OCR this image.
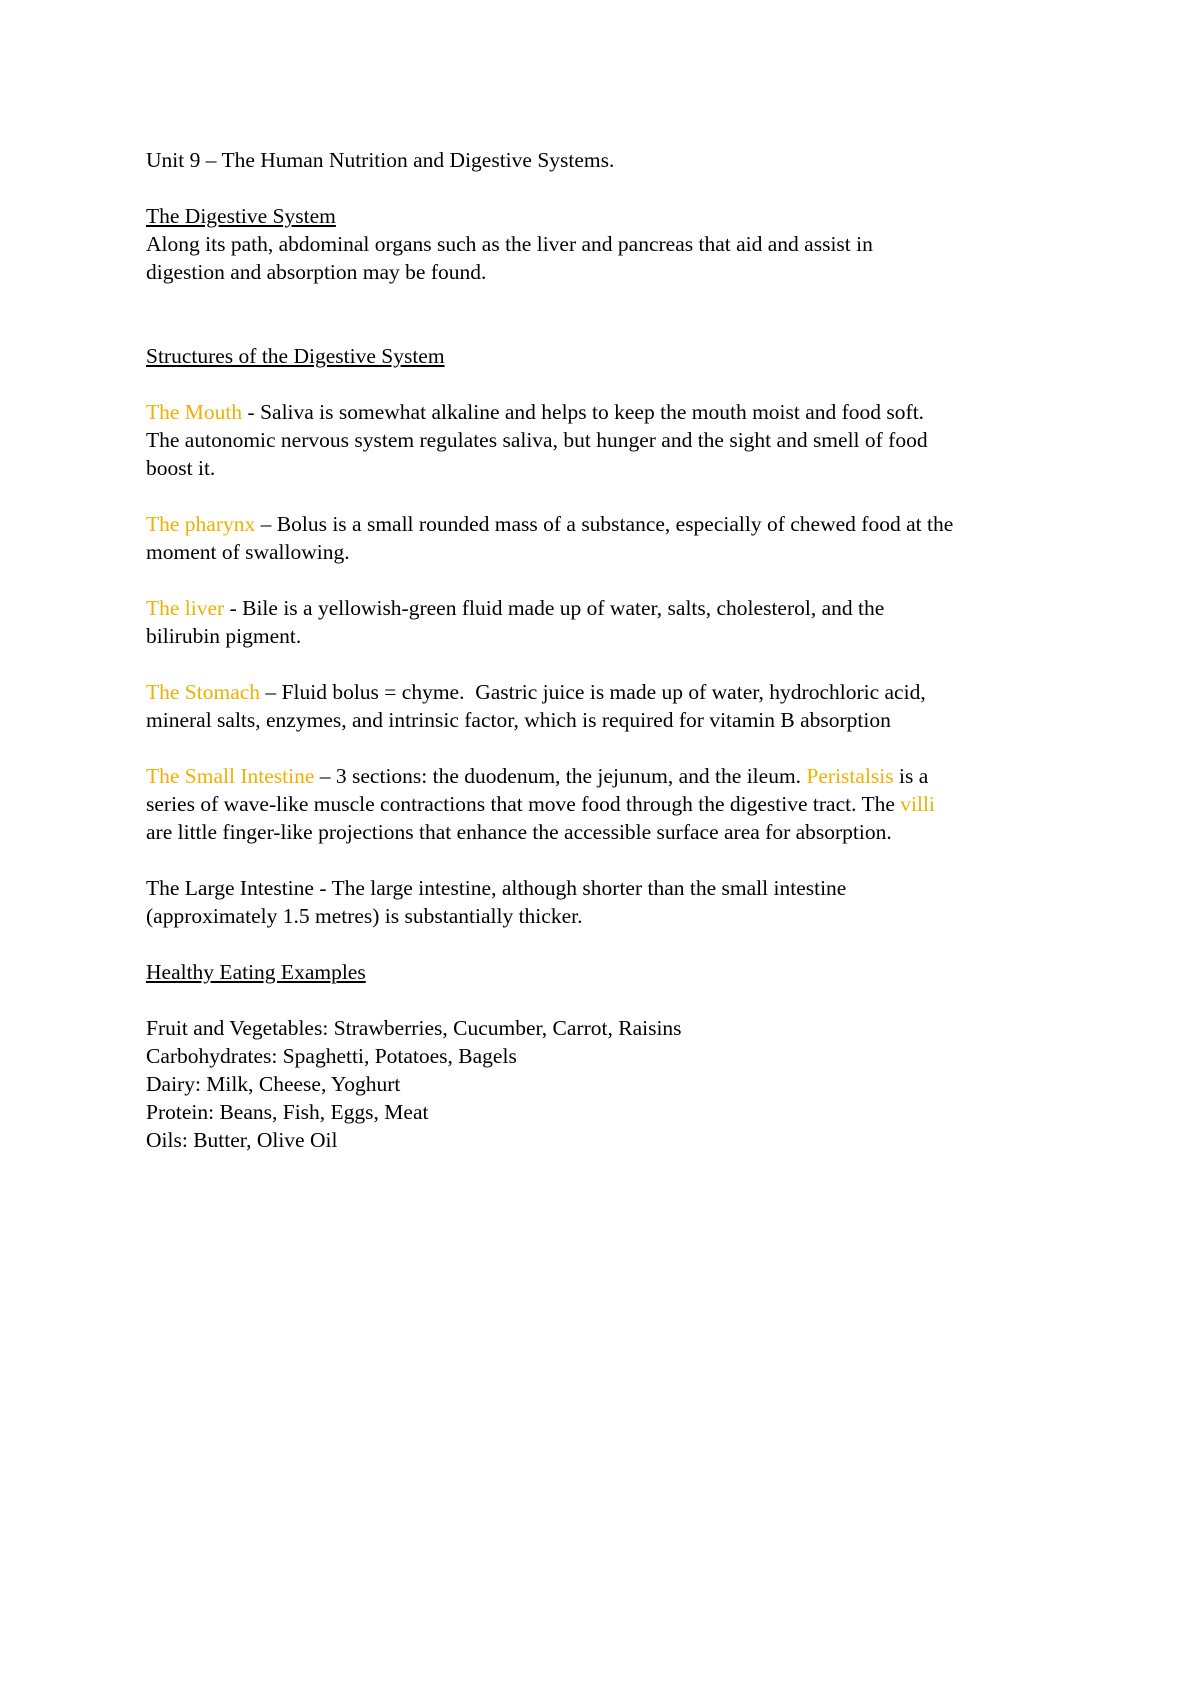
Unit 9 – The Human Nutrition and Digestive Systems.
The Digestive System
Along its path, abdominal organs such as the liver and pancreas that aid and assist in
digestion and absorption may be found.
Structures of the Digestive System
The Mouth - Saliva is somewhat alkaline and helps to keep the mouth moist and food soft.
The autonomic nervous system regulates saliva, but hunger and the sight and smell of food
boost it.
The pharynx – Bolus is a small rounded mass of a substance, especially of chewed food at the
moment of swallowing.
The liver - Bile is a yellowish-green fluid made up of water, salts, cholesterol, and the
bilirubin pigment.
The Stomach – Fluid bolus = chyme.  Gastric juice is made up of water, hydrochloric acid,
mineral salts, enzymes, and intrinsic factor, which is required for vitamin B absorption
The Small Intestine – 3 sections: the duodenum, the jejunum, and the ileum. Peristalsis is a
series of wave-like muscle contractions that move food through the digestive tract. The villi
are little finger-like projections that enhance the accessible surface area for absorption.
The Large Intestine - The large intestine, although shorter than the small intestine
(approximately 1.5 metres) is substantially thicker.
Healthy Eating Examples
Fruit and Vegetables: Strawberries, Cucumber, Carrot, Raisins
Carbohydrates: Spaghetti, Potatoes, Bagels
Dairy: Milk, Cheese, Yoghurt
Protein: Beans, Fish, Eggs, Meat
Oils: Butter, Olive Oil
